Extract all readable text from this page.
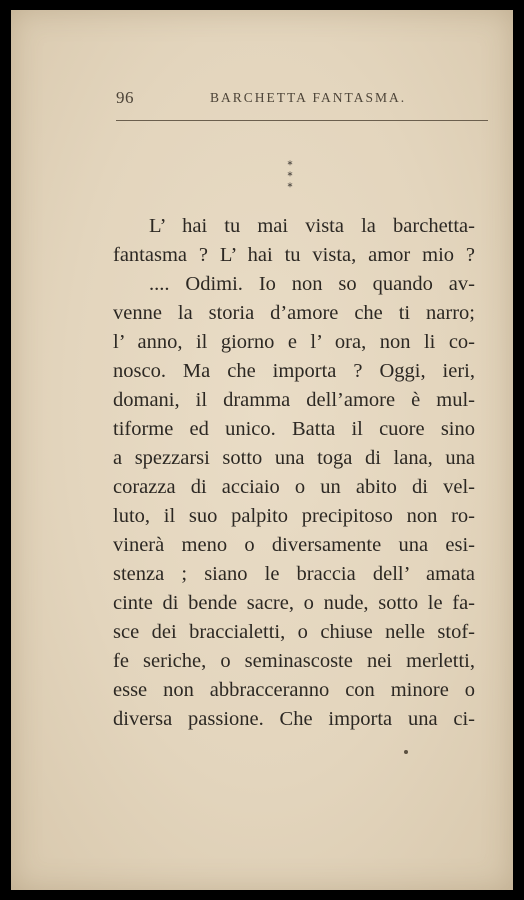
96	BARCHETTA FANTASMA.
*
* *
L’ hai tu mai vista la barchetta-
fantasma ? L’ hai tu vista, amor mio ?
.... Odimi. Io non so quando av-
venne la storia d’amore che ti narro;
l’ anno, il giorno e l’ ora, non li co-
nosco. Ma che importa ? Oggi, ieri,
domani, il dramma dell’amore è mul-
tiforme ed unico. Batta il cuore sino
a spezzarsi sotto una toga di lana, una
corazza di acciaio o un abito di vel-
luto, il suo palpito precipitoso non ro-
vinerà meno o diversamente una esi-
stenza ; siano le braccia dell’ amata
cinte di bende sacre, o nude, sotto le fa-
sce dei braccialetti, o chiuse nelle stof-
fe seriche, o seminascoste nei merletti,
esse non abbracceranno con minore o
diversa passione. Che importa una ci-
